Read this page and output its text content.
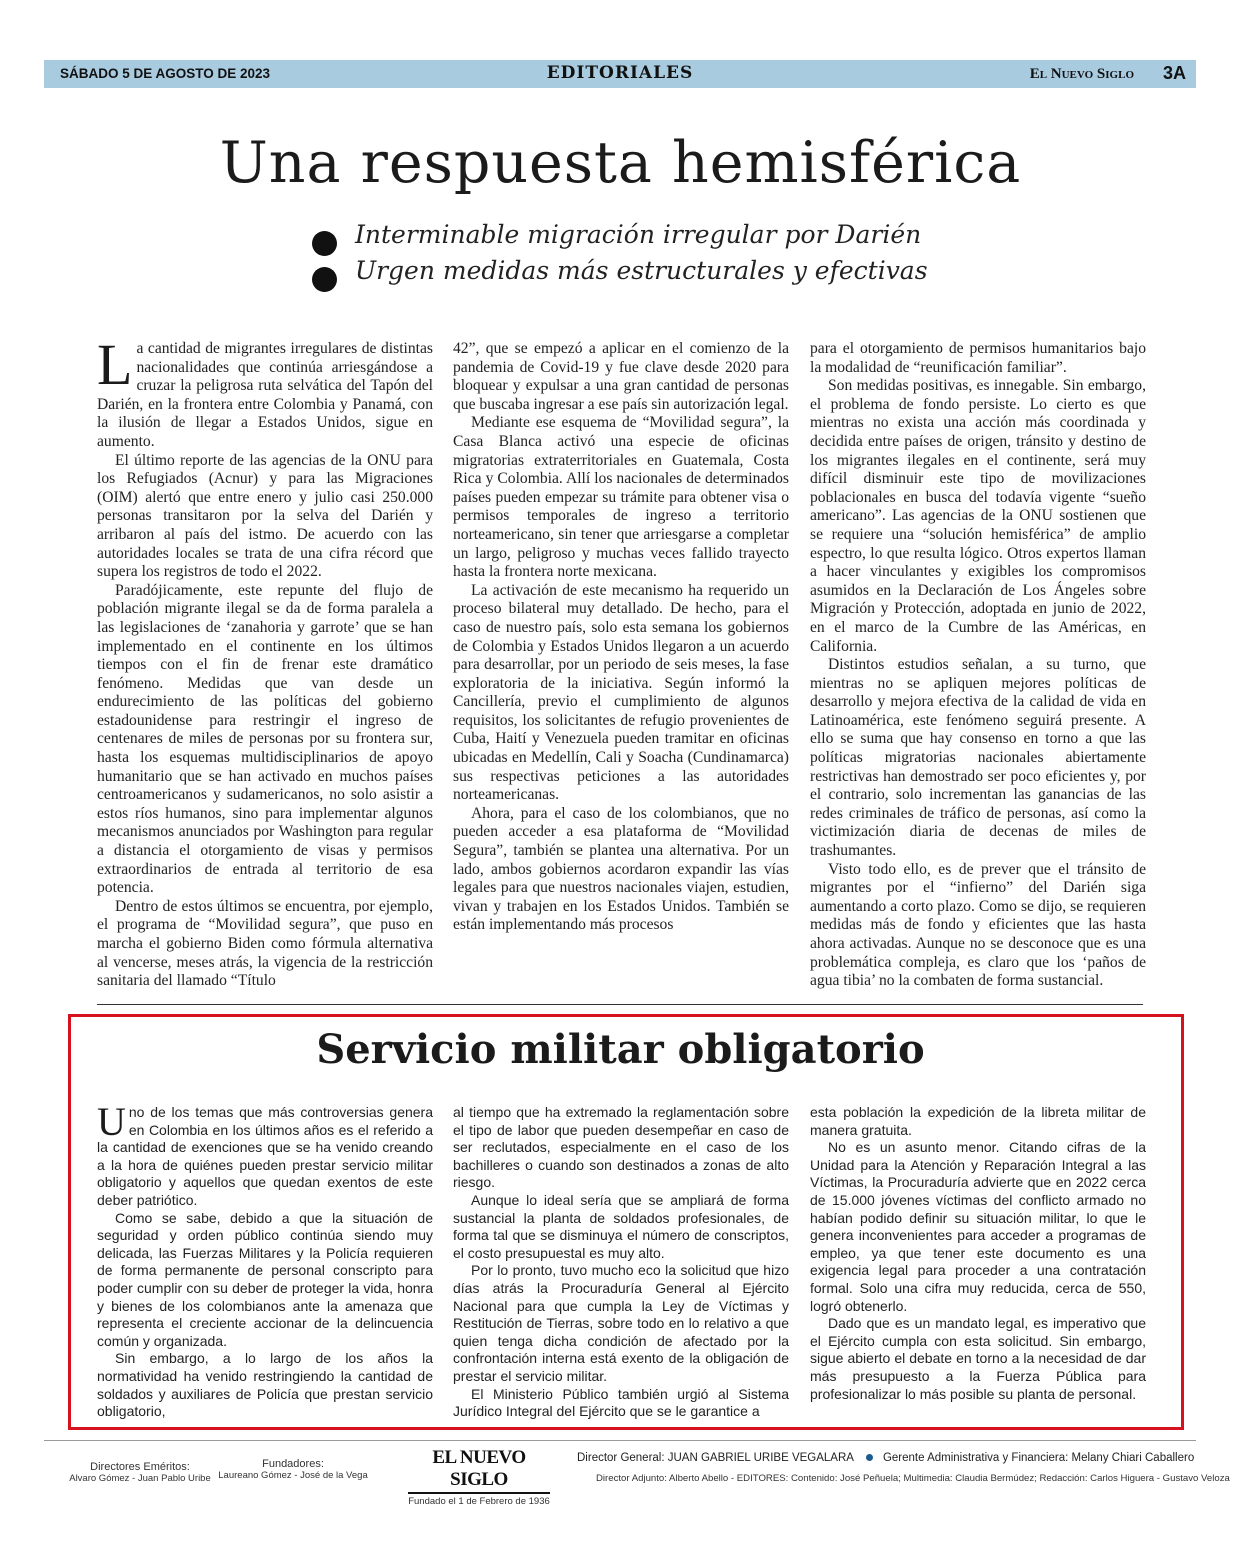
SÁBADO 5 DE AGOSTO DE 2023	EDITORIALES	El Nuevo Siglo 3A
Una respuesta hemisférica
Interminable migración irregular por Darién
Urgen medidas más estructurales y efectivas

La cantidad de migrantes irregulares de distintas nacionalidades que continúa arriesgándose a cruzar la peligrosa ruta selvática del Tapón del Darién, en la frontera entre Colombia y Panamá, con la ilusión de llegar a Estados Unidos, sigue en aumento.

El último reporte de las agencias de la ONU para los Refugiados (Acnur) y para las Migraciones (OIM) alertó que entre enero y julio casi 250.000 personas transitaron por la selva del Darién y arribaron al país del istmo. De acuerdo con las autoridades locales se trata de una cifra récord que supera los registros de todo el 2022.

Paradójicamente, este repunte del flujo de población migrante ilegal se da de forma paralela a las legislaciones de ‘zanahoria y garrote’ que se han implementado en el continente en los últimos tiempos con el fin de frenar este dramático fenómeno. Medidas que van desde un endurecimiento de las políticas del gobierno estadounidense para restringir el ingreso de centenares de miles de personas por su frontera sur, hasta los esquemas multidisciplinarios de apoyo humanitario que se han activado en muchos países centroamericanos y sudamericanos, no solo asistir a estos ríos humanos, sino para implementar algunos mecanismos anunciados por Washington para regular a distancia el otorgamiento de visas y permisos extraordinarios de entrada al territorio de esa potencia.

Dentro de estos últimos se encuentra, por ejemplo, el programa de “Movilidad segura”, que puso en marcha el gobierno Biden como fórmula alternativa al vencerse, meses atrás, la vigencia de la restricción sanitaria del llamado “Título

42”, que se empezó a aplicar en el comienzo de la pandemia de Covid-19 y fue clave desde 2020 para bloquear y expulsar a una gran cantidad de personas que buscaba ingresar a ese país sin autorización legal.

Mediante ese esquema de “Movilidad segura”, la Casa Blanca activó una especie de oficinas migratorias extraterritoriales en Guatemala, Costa Rica y Colombia. Allí los nacionales de determinados países pueden empezar su trámite para obtener visa o permisos temporales de ingreso a territorio norteamericano, sin tener que arriesgarse a completar un largo, peligroso y muchas veces fallido trayecto hasta la frontera norte mexicana.

La activación de este mecanismo ha requerido un proceso bilateral muy detallado. De hecho, para el caso de nuestro país, solo esta semana los gobiernos de Colombia y Estados Unidos llegaron a un acuerdo para desarrollar, por un periodo de seis meses, la fase exploratoria de la iniciativa. Según informó la Cancillería, previo el cumplimiento de algunos requisitos, los solicitantes de refugio provenientes de Cuba, Haití y Venezuela pueden tramitar en oficinas ubicadas en Medellín, Cali y Soacha (Cundinamarca) sus respectivas peticiones a las autoridades norteamericanas.

Ahora, para el caso de los colombianos, que no pueden acceder a esa plataforma de “Movilidad Segura”, también se plantea una alternativa. Por un lado, ambos gobiernos acordaron expandir las vías legales para que nuestros nacionales viajen, estudien, vivan y trabajen en los Estados Unidos. También se están implementando más procesos

para el otorgamiento de permisos humanitarios bajo la modalidad de “reunificación familiar”.

Son medidas positivas, es innegable. Sin embargo, el problema de fondo persiste. Lo cierto es que mientras no exista una acción más coordinada y decidida entre países de origen, tránsito y destino de los migrantes ilegales en el continente, será muy difícil disminuir este tipo de movilizaciones poblacionales en busca del todavía vigente “sueño americano”. Las agencias de la ONU sostienen que se requiere una “solución hemisférica” de amplio espectro, lo que resulta lógico. Otros expertos llaman a hacer vinculantes y exigibles los compromisos asumidos en la Declaración de Los Ángeles sobre Migración y Protección, adoptada en junio de 2022, en el marco de la Cumbre de las Américas, en California.

Distintos estudios señalan, a su turno, que mientras no se apliquen mejores políticas de desarrollo y mejora efectiva de la calidad de vida en Latinoamérica, este fenómeno seguirá presente. A ello se suma que hay consenso en torno a que las políticas migratorias nacionales abiertamente restrictivas han demostrado ser poco eficientes y, por el contrario, solo incrementan las ganancias de las redes criminales de tráfico de personas, así como la victimización diaria de decenas de miles de trashumantes.

Visto todo ello, es de prever que el tránsito de migrantes por el “infierno” del Darién siga aumentando a corto plazo. Como se dijo, se requieren medidas más de fondo y eficientes que las hasta ahora activadas. Aunque no se desconoce que es una problemática compleja, es claro que los ‘paños de agua tibia’ no la combaten de forma sustancial.

Servicio militar obligatorio

Uno de los temas que más controversias genera en Colombia en los últimos años es el referido a la cantidad de exenciones que se ha venido creando a la hora de quiénes pueden prestar servicio militar obligatorio y aquellos que quedan exentos de este deber patriótico.

Como se sabe, debido a que la situación de seguridad y orden público continúa siendo muy delicada, las Fuerzas Militares y la Policía requieren de forma permanente de personal conscripto para poder cumplir con su deber de proteger la vida, honra y bienes de los colombianos ante la amenaza que representa el creciente accionar de la delincuencia común y organizada.

Sin embargo, a lo largo de los años la normatividad ha venido restringiendo la cantidad de soldados y auxiliares de Policía que prestan servicio obligatorio,

al tiempo que ha extremado la reglamentación sobre el tipo de labor que pueden desempeñar en caso de ser reclutados, especialmente en el caso de los bachilleres o cuando son destinados a zonas de alto riesgo.

Aunque lo ideal sería que se ampliará de forma sustancial la planta de soldados profesionales, de forma tal que se disminuya el número de conscriptos, el costo presupuestal es muy alto.

Por lo pronto, tuvo mucho eco la solicitud que hizo días atrás la Procuraduría General al Ejército Nacional para que cumpla la Ley de Víctimas y Restitución de Tierras, sobre todo en lo relativo a que quien tenga dicha condición de afectado por la confrontación interna está exento de la obligación de prestar el servicio militar.

El Ministerio Público también urgió al Sistema Jurídico Integral del Ejército que se le garantice a

esta población la expedición de la libreta militar de manera gratuita.

No es un asunto menor. Citando cifras de la Unidad para la Atención y Reparación Integral a las Víctimas, la Procuraduría advierte que en 2022 cerca de 15.000 jóvenes víctimas del conflicto armado no habían podido definir su situación militar, lo que le genera inconvenientes para acceder a programas de empleo, ya que tener este documento es una exigencia legal para proceder a una contratación formal. Solo una cifra muy reducida, cerca de 550, logró obtenerlo.

Dado que es un mandato legal, es imperativo que el Ejército cumpla con esta solicitud. Sin embargo, sigue abierto el debate en torno a la necesidad de dar más presupuesto a la Fuerza Pública para profesionalizar lo más posible su planta de personal.

Directores Eméritos:
Alvaro Gómez - Juan Pablo Uribe
Fundadores:
Laureano Gómez - José de la Vega
EL NUEVO SIGLO
Fundado el 1 de Febrero de 1936
Director General: JUAN GABRIEL URIBE VEGALARA	Gerente Administrativa y Financiera: Melany Chiari Caballero
Director Adjunto: Alberto Abello - EDITORES: Contenido: José Peñuela; Multimedia: Claudia Bermúdez; Redacción: Carlos Higuera - Gustavo Veloza
